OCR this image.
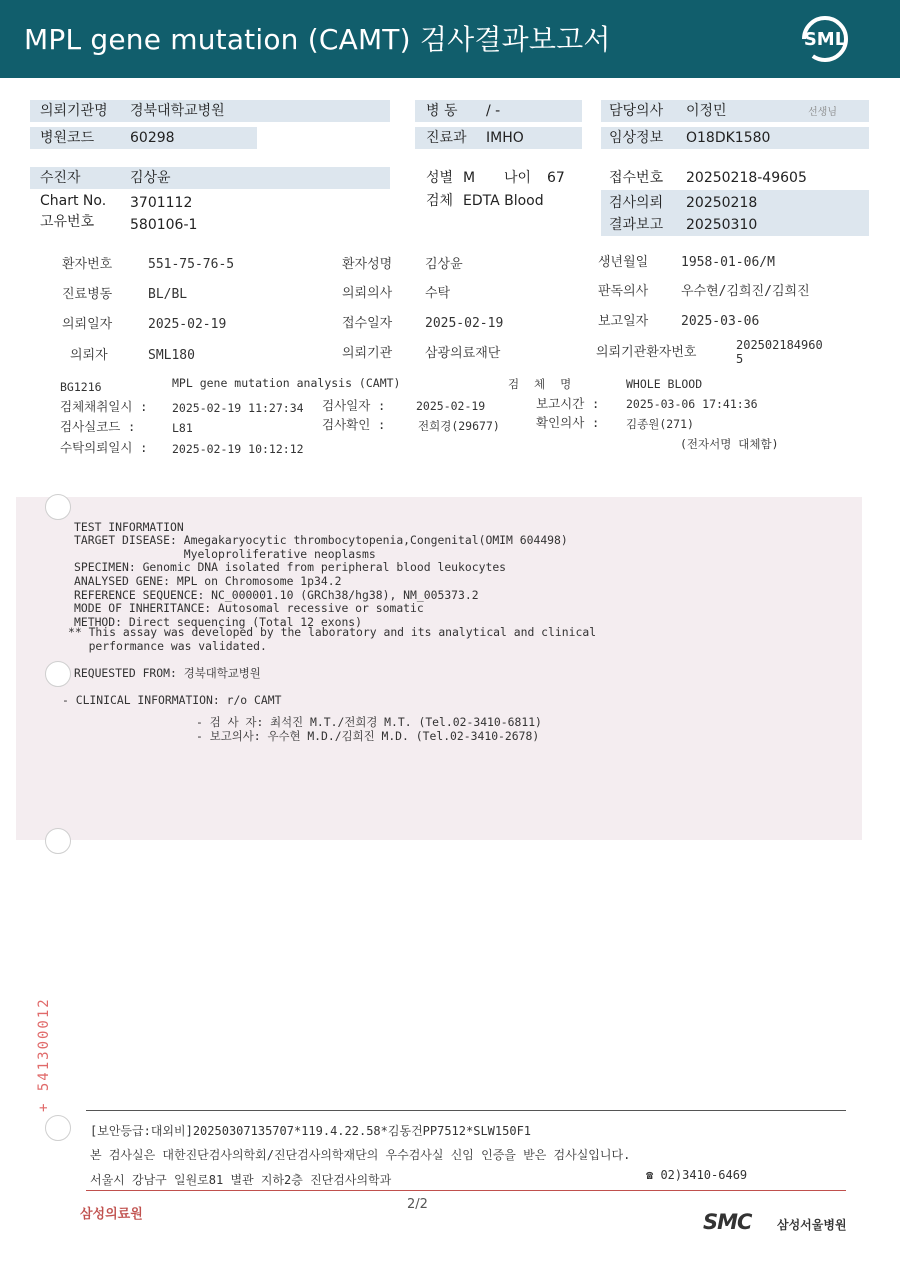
MPL gene mutation (CAMT) 검사결과보고서	SML
의뢰기관명 경북대학교병원
병원코드	60298
병 동 / -
진료과 IMHO
담당의사 이정민	선생님
임상정보 O18DK1580
수진자	김상윤
Chart No. 3701112
고유번호	580106-1
성별 M 나이 67
검체 EDTA Blood
접수번호 20250218-49605
검사의뢰 20250218
결과보고 20250310
환자번호	551-75-76-5	환자성명	김상윤	생년월일	1958-01-06/M
진료병동	BL/BL	의뢰의사	수탁	판독의사	우수현/김희진/김희진
의뢰일자	2025-02-19	접수일자	2025-02-19	보고일자	2025-03-06
의뢰자	SML180	의뢰기관	삼광의료재단	의뢰기관환자번호	202502184960
5
BG1216	MPL gene mutation analysis (CAMT)	검 체 명	WHOLE BLOOD
검체채취일시 : 2025-02-19 11:27:34 검사일자 :	2025-02-19	보고시간 : 2025-03-06 17:41:36
검사실코드 :	L81	검사확인 :	전희경(29677)	확인의사 : 김종원(271)
수탁의뢰일시 : 2025-02-19 10:12:12	(전자서명 대체함)

TEST INFORMATION
TARGET DISEASE: Amegakaryocytic thrombocytopenia,Congenital(OMIM 604498)
Myeloproliferative neoplasms
SPECIMEN: Genomic DNA isolated from peripheral blood leukocytes
ANALYSED GENE: MPL on Chromosome 1p34.2
REFERENCE SEQUENCE: NC_000001.10 (GRCh38/hg38), NM_005373.2
MODE OF INHERITANCE: Autosomal recessive or somatic
METHOD: Direct sequencing (Total 12 exons)

** This assay was developed by the laboratory and its analytical and clinical
performance was validated.
REQUESTED FROM: 경북대학교병원
- CLINICAL INFORMATION: r/o CAMT
- 검 사 자: 최석진 M.T./전희경 M.T. (Tel.02-3410-6811)
- 보고의사: 우수현 M.D./김희진 M.D. (Tel.02-3410-2678)
+ 541300012
[보안등급:대외비]20250307135707*119.4.22.58*김동건PP7512*SLW150F1
본 검사실은 대한진단검사의학회/진단검사의학재단의 우수검사실 신임 인증을 받은 검사실입니다.
서울시 강남구 일원로81 별관 지하2층 진단검사의학과	☎ 02)3410-6469
삼성의료원
2/2
SMC 삼성서울병원
